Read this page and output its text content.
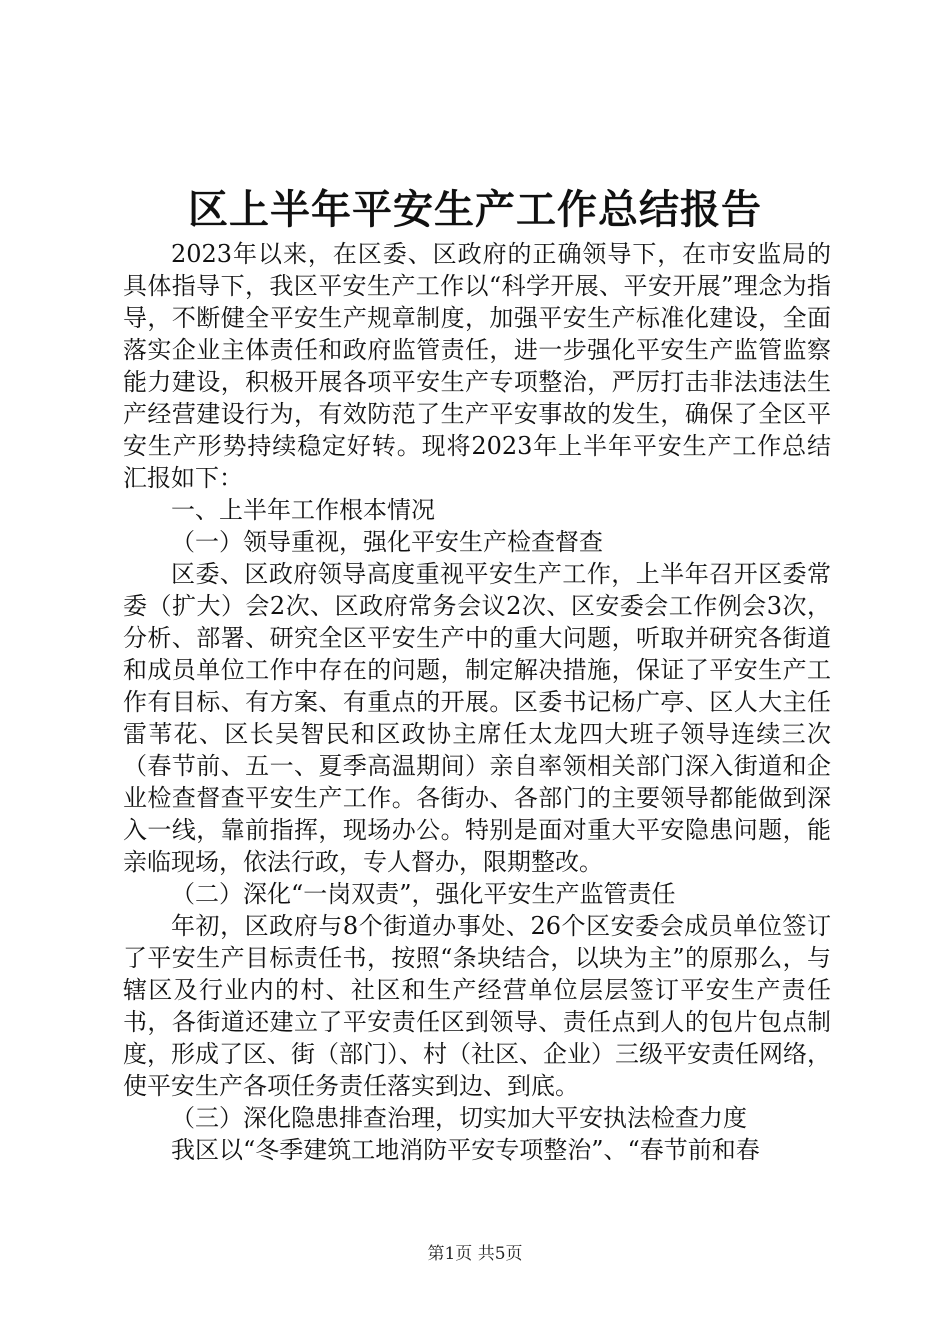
区上半年平安生产工作总结报告

2023年以来，在区委、区政府的正确领导下，在市安监局的具体指导下，我区平安生产工作以“科学开展、平安开展”理念为指导，不断健全平安生产规章制度，加强平安生产标准化建设，全面落实企业主体责任和政府监管责任，进一步强化平安生产监管监察能力建设，积极开展各项平安生产专项整治，严厉打击非法违法生产经营建设行为，有效防范了生产平安事故的发生，确保了全区平安生产形势持续稳定好转。现将2023年上半年平安生产工作总结汇报如下：

一、上半年工作根本情况

（一）领导重视，强化平安生产检查督查

区委、区政府领导高度重视平安生产工作，上半年召开区委常委（扩大）会2次、区政府常务会议2次、区安委会工作例会3次，分析、部署、研究全区平安生产中的重大问题，听取并研究各街道和成员单位工作中存在的问题，制定解决措施，保证了平安生产工作有目标、有方案、有重点的开展。区委书记杨广亭、区人大主任雷苇花、区长吴智民和区政协主席任太龙四大班子领导连续三次（春节前、五一、夏季高温期间）亲自率领相关部门深入街道和企业检查督查平安生产工作。各街办、各部门的主要领导都能做到深入一线，靠前指挥，现场办公。特别是面对重大平安隐患问题，能亲临现场，依法行政，专人督办，限期整改。

（二）深化“一岗双责”，强化平安生产监管责任

年初，区政府与8个街道办事处、26个区安委会成员单位签订了平安生产目标责任书，按照“条块结合，以块为主”的原那么，与辖区及行业内的村、社区和生产经营单位层层签订平安生产责任书，各街道还建立了平安责任区到领导、责任点到人的包片包点制度，形成了区、街（部门）、村（社区、企业）三级平安责任网络，使平安生产各项任务责任落实到边、到底。

（三）深化隐患排查治理，切实加大平安执法检查力度

我区以“冬季建筑工地消防平安专项整治”、“春节前和春

第1页 共5页
